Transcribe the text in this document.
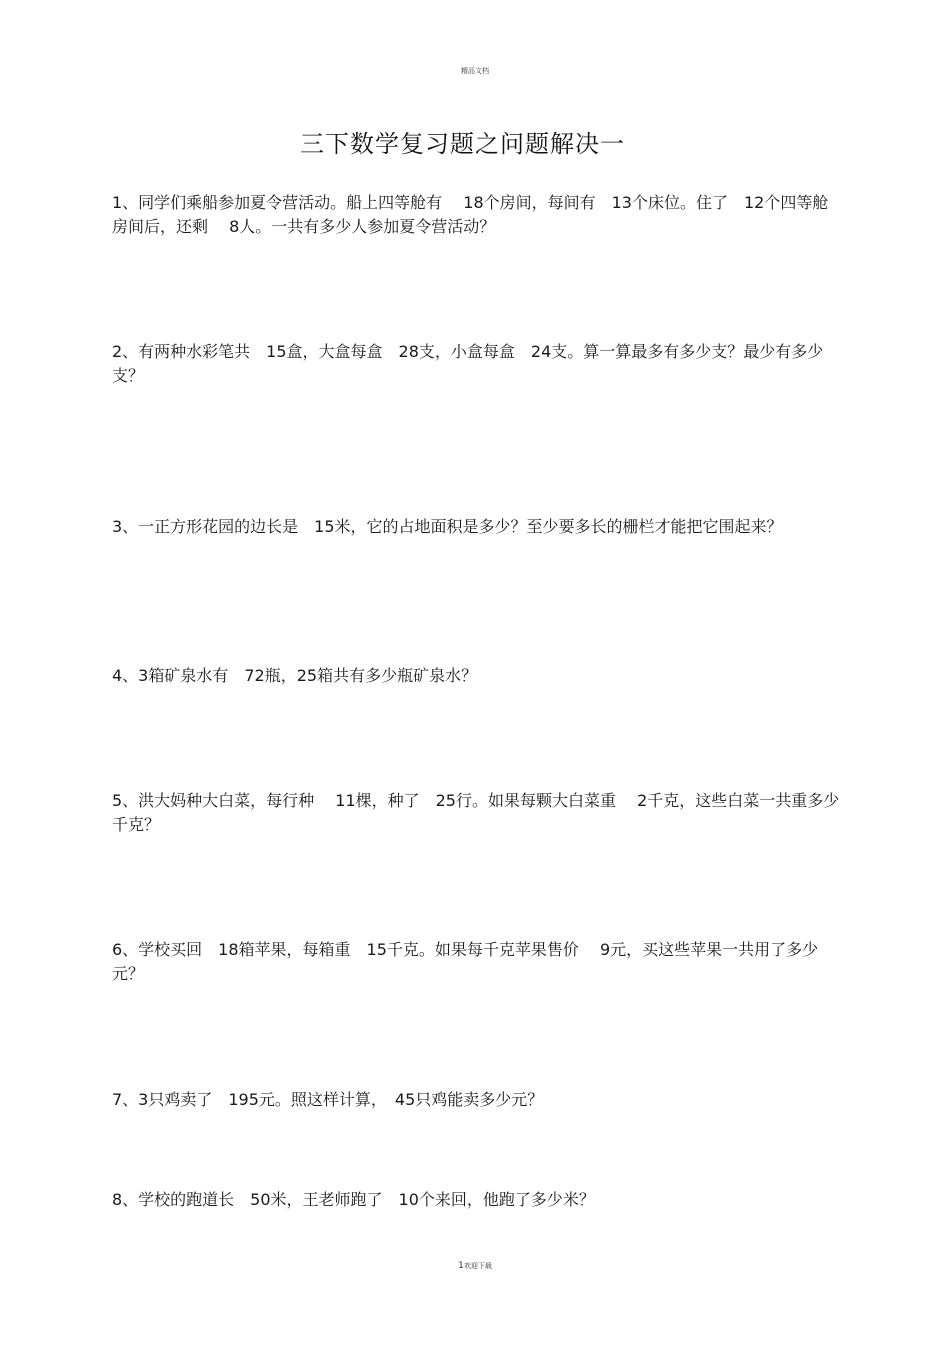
精品文档
三下数学复习题之问题解决一

1、同学们乘船参加夏令营活动。船上四等舱有　 18个房间，每间有　13个床位。住了　12个四等舱房间后，还剩　 8人。一共有多少人参加夏令营活动？

2、有两种水彩笔共　15盒，大盒每盒　28支，小盒每盒　24支。算一算最多有多少支？最少有多少支？

3、一正方形花园的边长是　15米，它的占地面积是多少？至少要多长的栅栏才能把它围起来？

4、3箱矿泉水有　72瓶，25箱共有多少瓶矿泉水？

5、洪大妈种大白菜，每行种　 11棵，种了　25行。如果每颗大白菜重　 2千克，这些白菜一共重多少千克？

6、学校买回　18箱苹果，每箱重　15千克。如果每千克苹果售价　 9元，买这些苹果一共用了多少元？

7、3只鸡卖了　195元。照这样计算，　45只鸡能卖多少元？

8、学校的跑道长　50米，王老师跑了　10个来回，他跑了多少米？

1欢迎下载
